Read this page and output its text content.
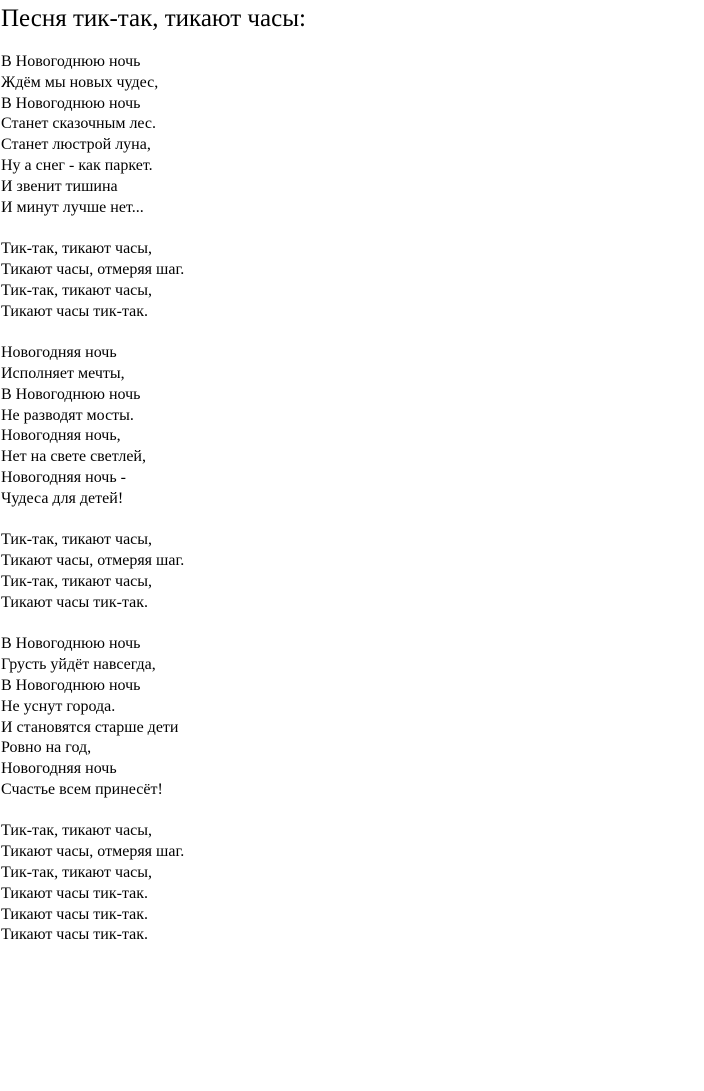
Песня тик-так, тикают часы:
В Новогоднюю ночь
Ждём мы новых чудес,
В Новогоднюю ночь
Станет сказочным лес.
Станет люстрой луна,
Ну а снег - как паркет.
И звенит тишина
И минут лучше нет...
Тик-так, тикают часы,
Тикают часы, отмеряя шаг.
Тик-так, тикают часы,
Тикают часы тик-так.
Новогодняя ночь
Исполняет мечты,
В Новогоднюю ночь
Не разводят мосты.
Новогодняя ночь,
Нет на свете светлей,
Новогодняя ночь -
Чудеса для детей!
Тик-так, тикают часы,
Тикают часы, отмеряя шаг.
Тик-так, тикают часы,
Тикают часы тик-так.
В Новогоднюю ночь
Грусть уйдёт навсегда,
В Новогоднюю ночь
Не уснут города.
И становятся старше дети
Ровно на год,
Новогодняя ночь
Счастье всем принесёт!
Тик-так, тикают часы,
Тикают часы, отмеряя шаг.
Тик-так, тикают часы,
Тикают часы тик-так.
Тикают часы тик-так.
Тикают часы тик-так.
